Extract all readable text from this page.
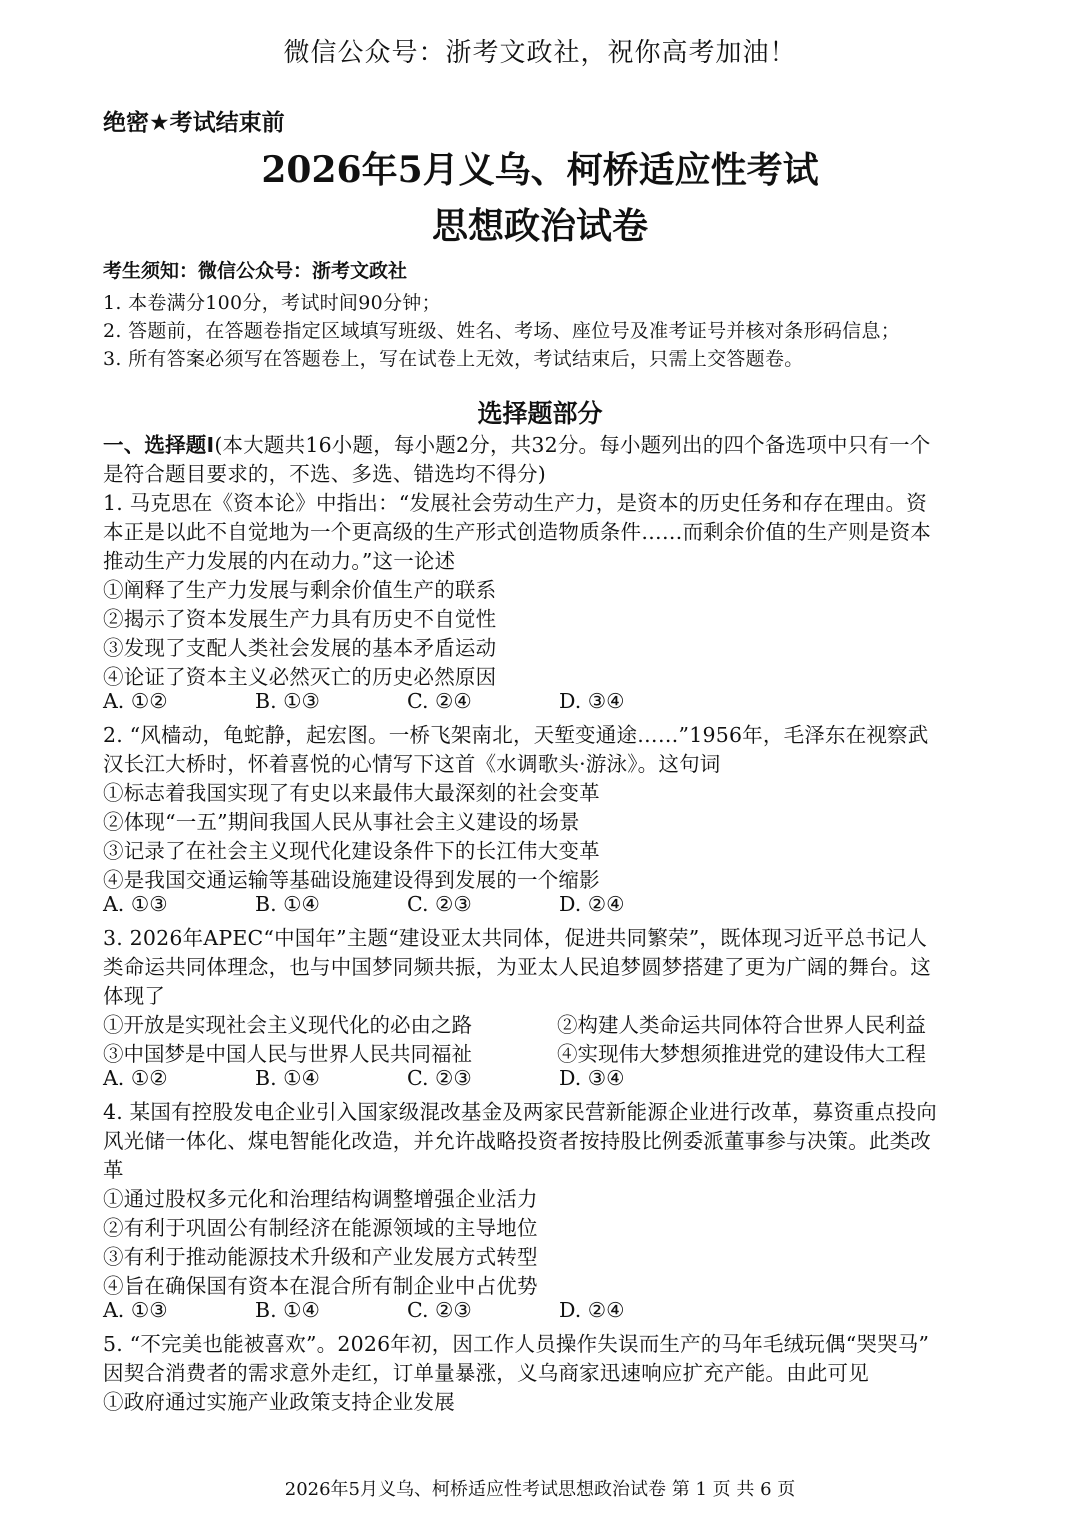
微信公众号：浙考文政社，祝你高考加油！
绝密★考试结束前
2026年5月义乌、柯桥适应性考试
思想政治试卷
考生须知：微信公众号：浙考文政社
1. 本卷满分100分，考试时间90分钟；
2. 答题前，在答题卷指定区域填写班级、姓名、考场、座位号及准考证号并核对条形码信息；
3. 所有答案必须写在答题卷上，写在试卷上无效，考试结束后，只需上交答题卷。
选择题部分
一、选择题I(本大题共16小题，每小题2分，共32分。每小题列出的四个备选项中只有一个
是符合题目要求的，不选、多选、错选均不得分)
1. 马克思在《资本论》中指出：“发展社会劳动生产力，是资本的历史任务和存在理由。资
本正是以此不自觉地为一个更高级的生产形式创造物质条件……而剩余价值的生产则是资本
推动生产力发展的内在动力。”这一论述
①阐释了生产力发展与剩余价值生产的联系
②揭示了资本发展生产力具有历史不自觉性
③发现了支配人类社会发展的基本矛盾运动
④论证了资本主义必然灭亡的历史必然原因
A. ①②	B. ①③	C. ②④	D. ③④
2. “风樯动，龟蛇静，起宏图。一桥飞架南北，天堑变通途……”1956年，毛泽东在视察武
汉长江大桥时，怀着喜悦的心情写下这首《水调歌头·游泳》。这句词
①标志着我国实现了有史以来最伟大最深刻的社会变革
②体现“一五”期间我国人民从事社会主义建设的场景
③记录了在社会主义现代化建设条件下的长江伟大变革
④是我国交通运输等基础设施建设得到发展的一个缩影
A. ①③	B. ①④	C. ②③	D. ②④
3. 2026年APEC“中国年”主题“建设亚太共同体，促进共同繁荣”，既体现习近平总书记人
类命运共同体理念，也与中国梦同频共振，为亚太人民追梦圆梦搭建了更为广阔的舞台。这
体现了
①开放是实现社会主义现代化的必由之路	②构建人类命运共同体符合世界人民利益
③中国梦是中国人民与世界人民共同福祉	④实现伟大梦想须推进党的建设伟大工程
A. ①②	B. ①④	C. ②③	D. ③④
4. 某国有控股发电企业引入国家级混改基金及两家民营新能源企业进行改革，募资重点投向
风光储一体化、煤电智能化改造，并允许战略投资者按持股比例委派董事参与决策。此类改
革
①通过股权多元化和治理结构调整增强企业活力
②有利于巩固公有制经济在能源领域的主导地位
③有利于推动能源技术升级和产业发展方式转型
④旨在确保国有资本在混合所有制企业中占优势
A. ①③	B. ①④	C. ②③	D. ②④
5. “不完美也能被喜欢”。2026年初，因工作人员操作失误而生产的马年毛绒玩偶“哭哭马”
因契合消费者的需求意外走红，订单量暴涨，义乌商家迅速响应扩充产能。由此可见
①政府通过实施产业政策支持企业发展
2026年5月义乌、柯桥适应性考试思想政治试卷 第 1 页 共 6 页
